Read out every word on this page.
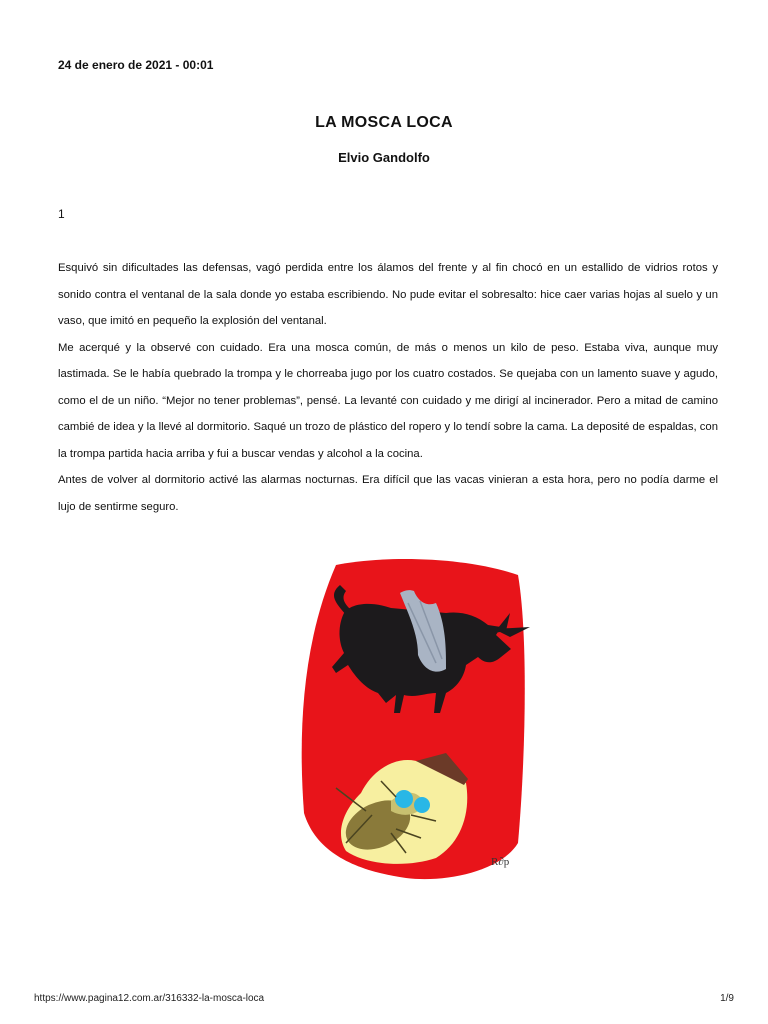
24 de enero de 2021 - 00:01
LA MOSCA LOCA
Elvio Gandolfo
1

Esquivó sin dificultades las defensas, vagó perdida entre los álamos del frente y al fin chocó en un estallido de vidrios rotos y sonido contra el ventanal de la sala donde yo estaba escribiendo. No pude evitar el sobresalto: hice caer varias hojas al suelo y un vaso, que imitó en pequeño la explosión del ventanal.

Me acerqué y la observé con cuidado. Era una mosca común, de más o menos un kilo de peso. Estaba viva, aunque muy lastimada. Se le había quebrado la trompa y le chorreaba jugo por los cuatro costados. Se quejaba con un lamento suave y agudo, como el de un niño. “Mejor no tener problemas”, pensé. La levanté con cuidado y me dirigí al incinerador. Pero a mitad de camino cambié de idea y la llevé al dormitorio. Saqué un trozo de plástico del ropero y lo tendí sobre la cama. La deposité de espaldas, con la trompa partida hacia arriba y fui a buscar vendas y alcohol a la cocina.

Antes de volver al dormitorio activé las alarmas nocturnas. Era difícil que las vacas vinieran a esta hora, pero no podía darme el lujo de sentirme seguro.

R∂p
https://www.pagina12.com.ar/316332-la-mosca-loca	1/9
